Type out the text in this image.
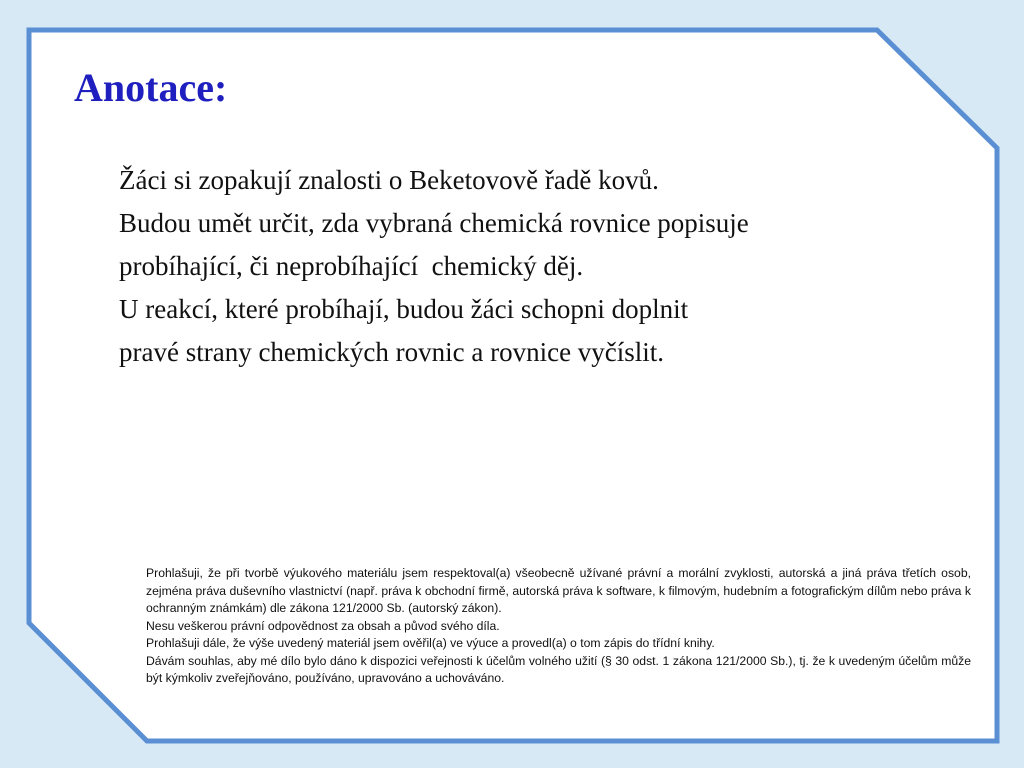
Anotace:
Žáci si zopakují znalosti o Beketovově řadě kovů.
Budou umět určit, zda vybraná chemická rovnice popisuje
probíhající, či neprobíhající  chemický děj.
U reakcí, které probíhají, budou žáci schopni doplnit
pravé strany chemických rovnic a rovnice vyčíslit.

Prohlašuji, že při tvorbě výukového materiálu jsem respektoval(a) všeobecně užívané právní a morální zvyklosti, autorská a jiná práva třetích osob, zejména práva duševního vlastnictví (např. práva k obchodní firmě, autorská práva k software, k filmovým, hudebním a fotografickým dílům nebo práva k ochranným známkám) dle zákona 121/2000 Sb. (autorský zákon).

Nesu veškerou právní odpovědnost za obsah a původ svého díla.

Prohlašuji dále, že výše uvedený materiál jsem ověřil(a) ve výuce a provedl(a) o tom zápis do třídní knihy.

Dávám souhlas, aby mé dílo bylo dáno k dispozici veřejnosti k účelům volného užití (§ 30 odst. 1 zákona 121/2000 Sb.), tj. že k uvedeným účelům může být kýmkoliv zveřejňováno, používáno, upravováno a uchováváno.
